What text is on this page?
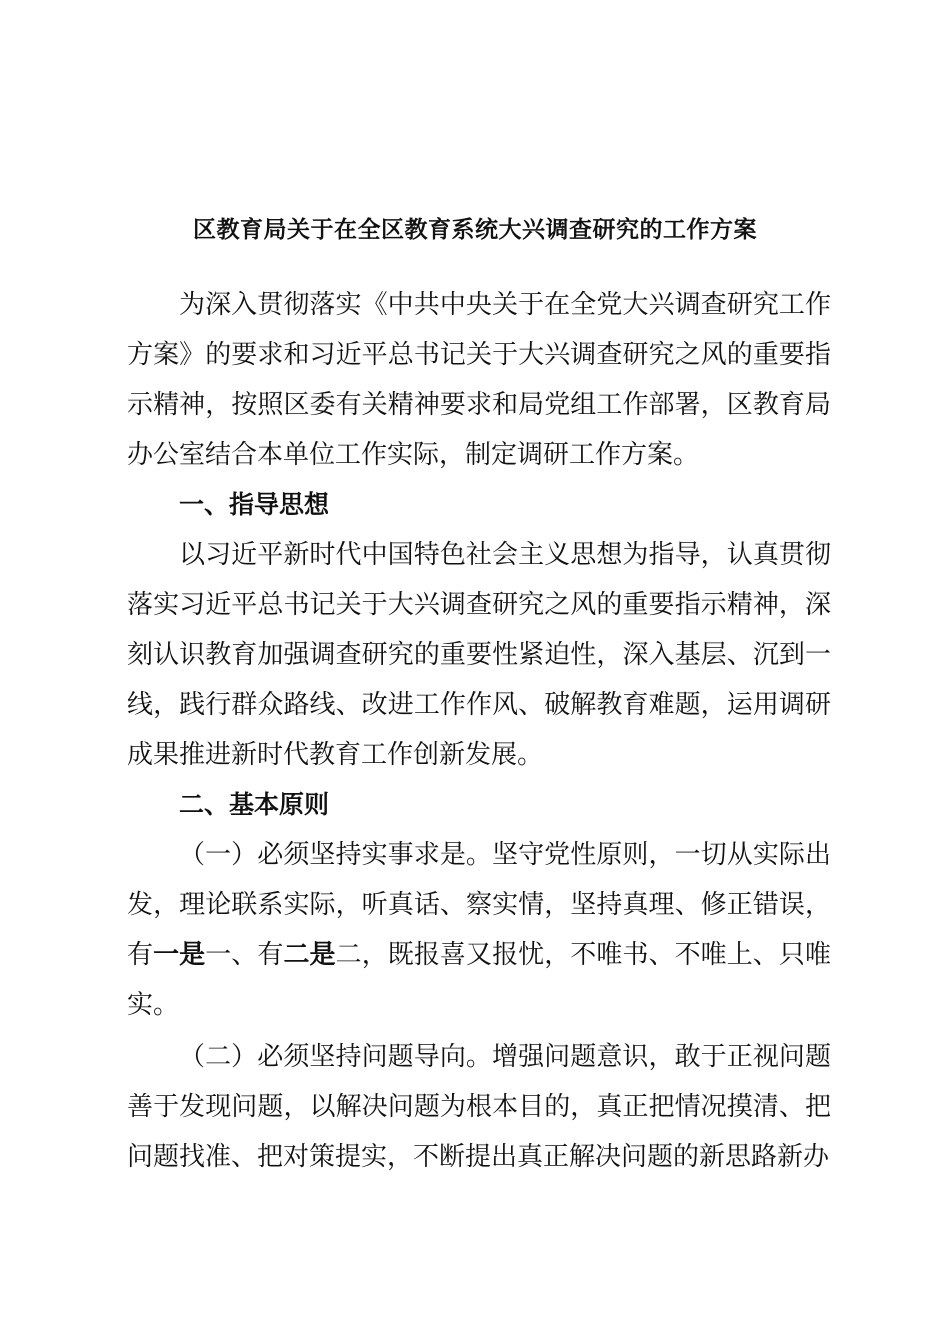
区教育局关于在全区教育系统大兴调查研究的工作方案

为深入贯彻落实《中共中央关于在全党大兴调查研究工作方案》的要求和习近平总书记关于大兴调查研究之风的重要指示精神，按照区委有关精神要求和局党组工作部署，区教育局办公室结合本单位工作实际，制定调研工作方案。

一、指导思想

以习近平新时代中国特色社会主义思想为指导，认真贯彻落实习近平总书记关于大兴调查研究之风的重要指示精神，深刻认识教育加强调查研究的重要性紧迫性，深入基层、沉到一线，践行群众路线、改进工作作风、破解教育难题，运用调研成果推进新时代教育工作创新发展。

二、基本原则

（一）必须坚持实事求是。坚守党性原则，一切从实际出发，理论联系实际，听真话、察实情，坚持真理、修正错误，有一是一、有二是二，既报喜又报忧，不唯书、不唯上、只唯实。

（二）必须坚持问题导向。增强问题意识，敢于正视问题善于发现问题，以解决问题为根本目的，真正把情况摸清、把问题找准、把对策提实，不断提出真正解决问题的新思路新办
